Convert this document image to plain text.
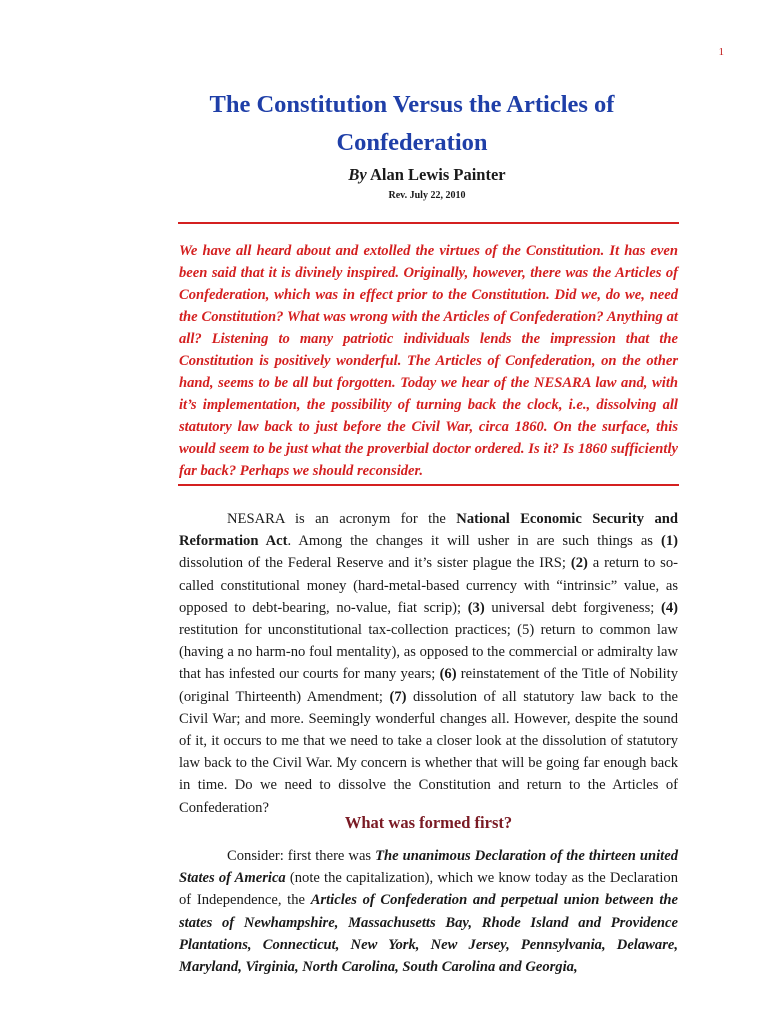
1
The Constitution Versus the Articles of Confederation
By Alan Lewis Painter
Rev. July 22, 2010

We have all heard about and extolled the virtues of the Constitution. It has even been said that it is divinely inspired. Originally, however, there was the Articles of Confederation, which was in effect prior to the Constitution. Did we, do we, need the Constitution? What was wrong with the Articles of Confederation? Anything at all? Listening to many patriotic individuals lends the impression that the Constitution is positively wonderful. The Articles of Confederation, on the other hand, seems to be all but forgotten. Today we hear of the NESARA law and, with it’s implementation, the possibility of turning back the clock, i.e., dissolving all statutory law back to just before the Civil War, circa 1860. On the surface, this would seem to be just what the proverbial doctor ordered. Is it? Is 1860 sufficiently far back? Perhaps we should reconsider.

NESARA is an acronym for the National Economic Security and Reformation Act. Among the changes it will usher in are such things as (1) dissolution of the Federal Reserve and it’s sister plague the IRS; (2) a return to so-called constitutional money (hard-metal-based currency with “intrinsic” value, as opposed to debt-bearing, no-value, fiat scrip); (3) universal debt forgiveness; (4) restitution for unconstitutional tax-collection practices; (5) return to common law (having a no harm-no foul mentality), as opposed to the commercial or admiralty law that has infested our courts for many years; (6) reinstatement of the Title of Nobility (original Thirteenth) Amendment; (7) dissolution of all statutory law back to the Civil War; and more. Seemingly wonderful changes all. However, despite the sound of it, it occurs to me that we need to take a closer look at the dissolution of statutory law back to the Civil War. My concern is whether that will be going far enough back in time. Do we need to dissolve the Constitution and return to the Articles of Confederation?

What was formed first?

Consider: first there was The unanimous Declaration of the thirteen united States of America (note the capitalization), which we know today as the Declaration of Independence, the Articles of Confederation and perpetual union between the states of Newhampshire, Massachusetts Bay, Rhode Island and Providence Plantations, Connecticut, New York, New Jersey, Pennsylvania, Delaware, Maryland, Virginia, North Carolina, South Carolina and Georgia,
